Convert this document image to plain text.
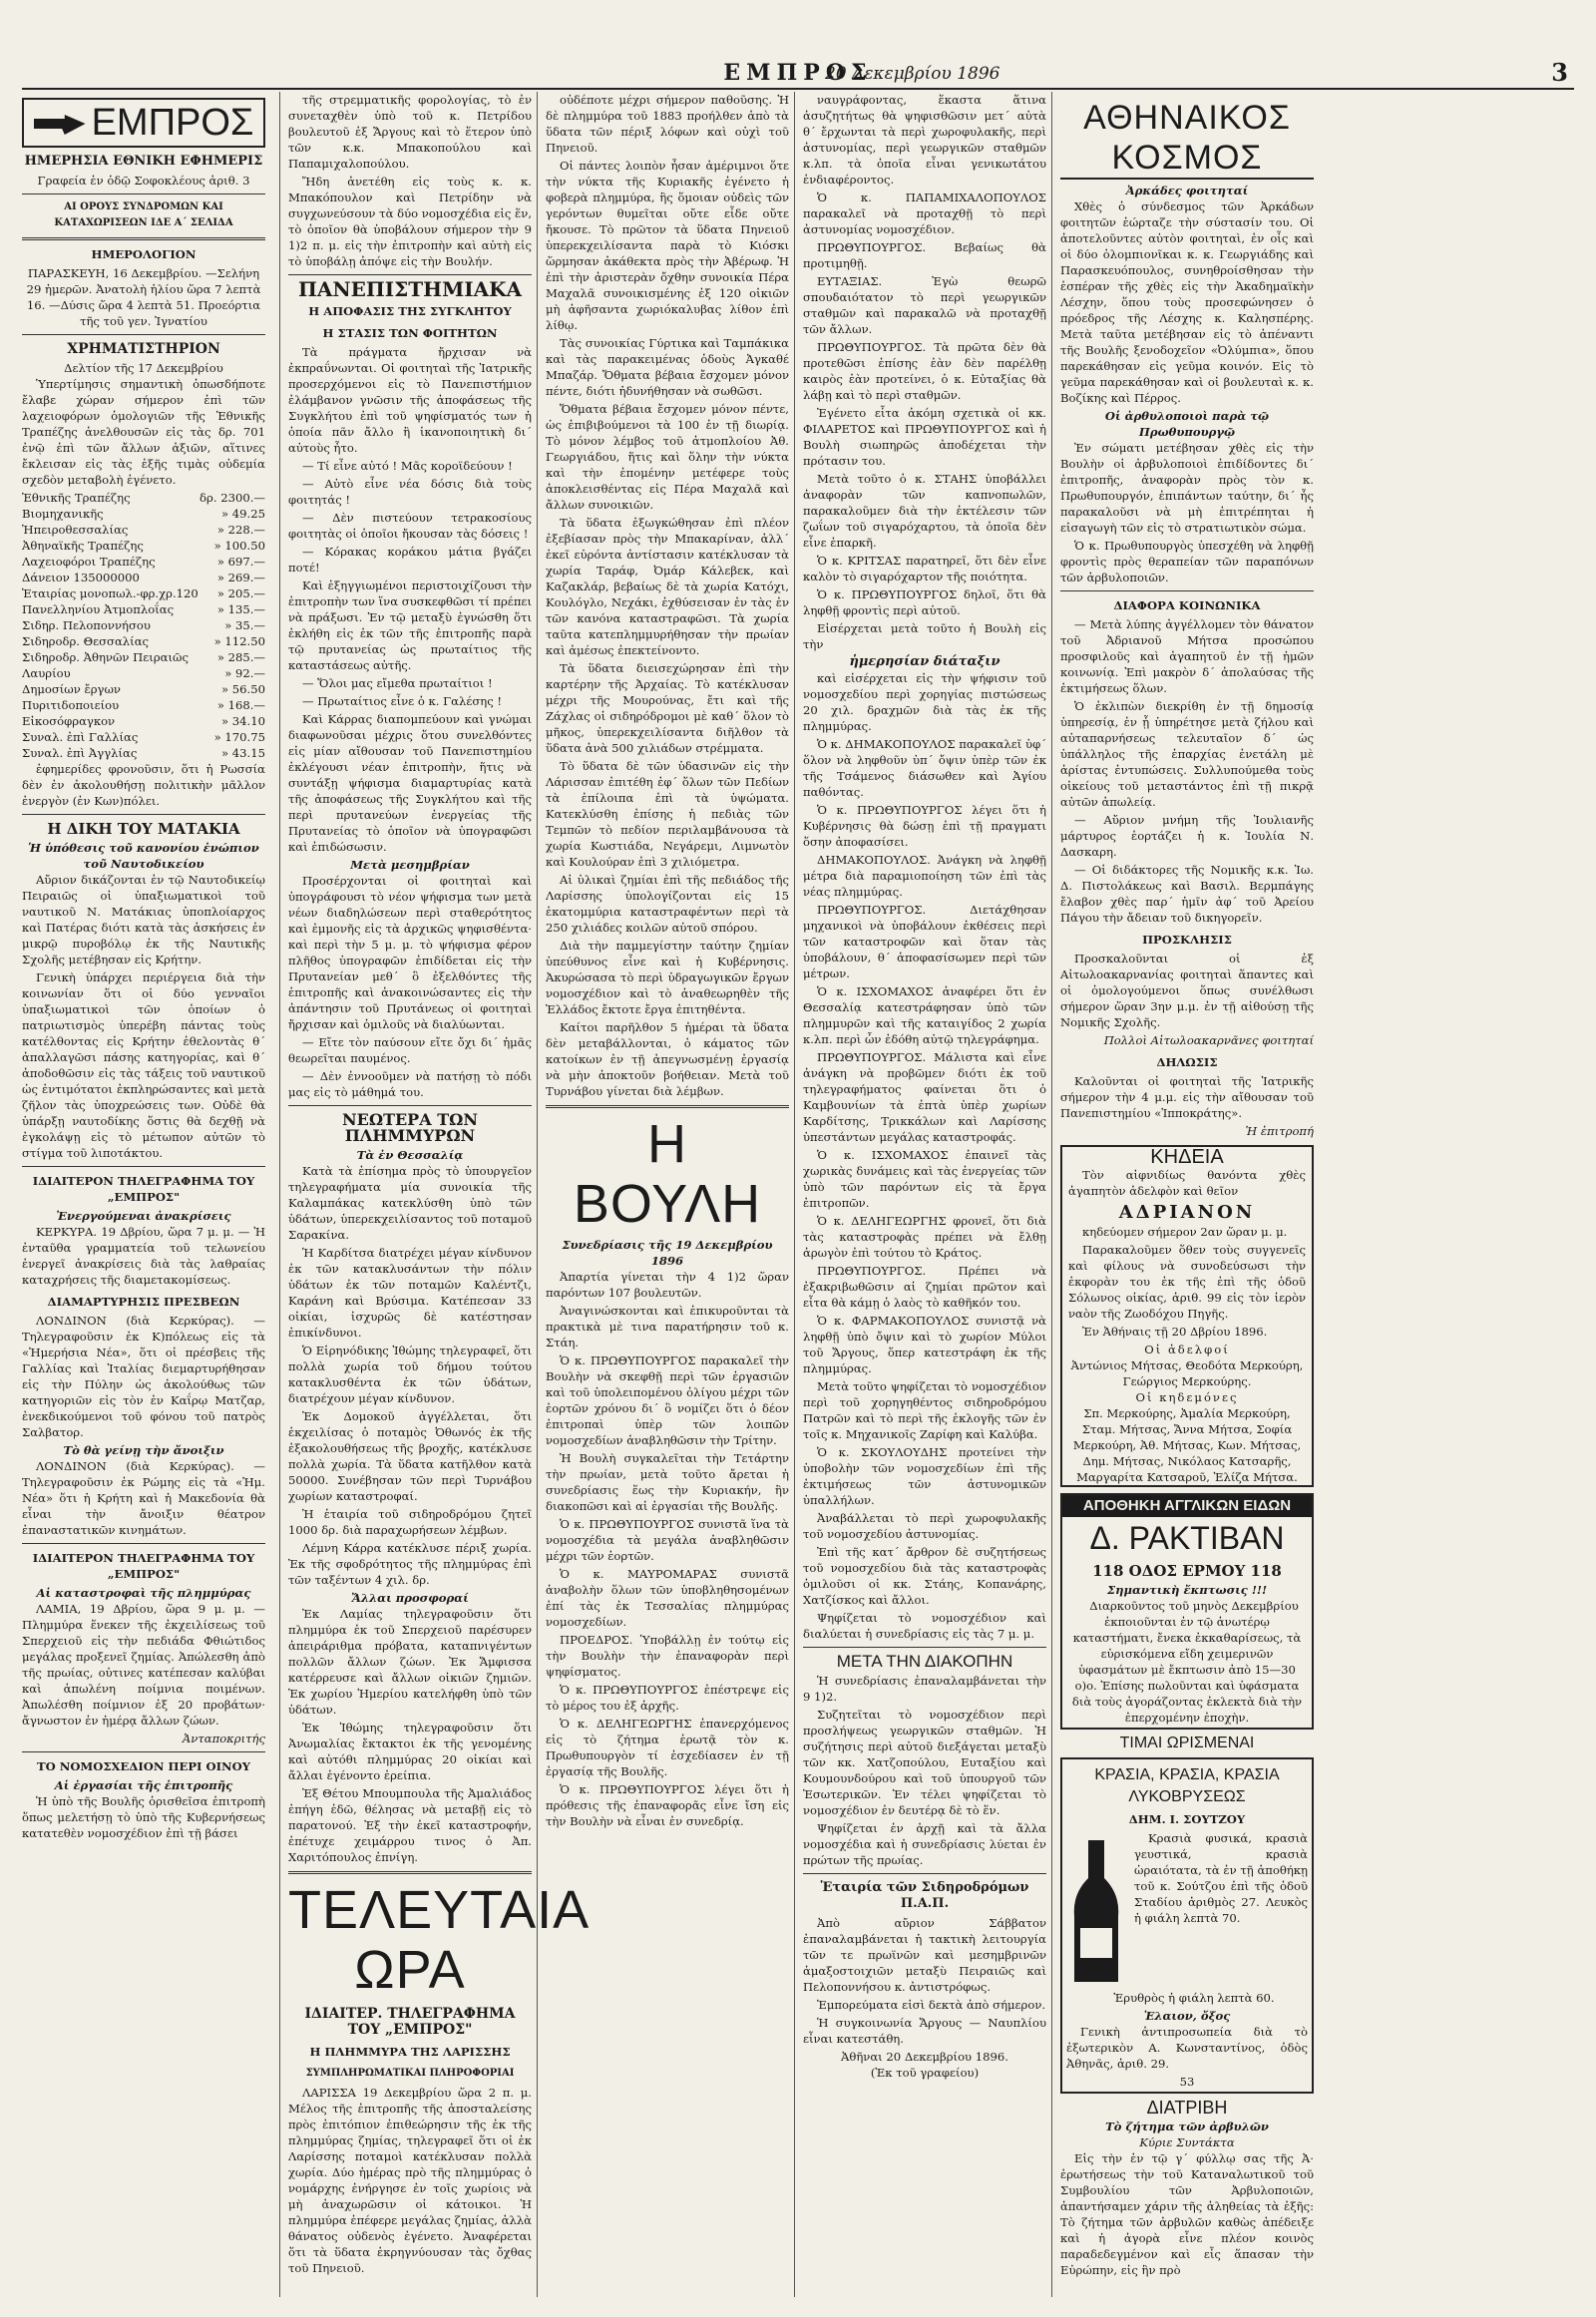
ΕΜΠΡΟΣ
20 Δεκεμβρίου 1896	3
ΕΜΠΡΟΣ
ΗΜΕΡΗΣΙΑ ΕΘΝΙΚΗ ΕΦΗΜΕΡΙΣ
Γραφεία ἐν ὁδῷ Σοφοκλέους ἀριθ. 3
ΑΙ ΟΡΟΥΣ ΣΥΝΔΡΟΜΩΝ ΚΑΙ ΚΑΤΑΧΩΡΙΣΕΩΝ ΙΔΕ Α΄ ΣΕΛΙΔΑ
ΗΜΕΡΟΛΟΓΙΟΝ

ΠΑΡΑΣΚΕΥΗ, 16 Δεκεμβρίου. —Σελήνη 29 ἡμερῶν. Ἀνατολὴ ἡλίου ὥρα 7 λεπτὰ 16. —Δύσις ὥρα 4 λεπτὰ 51. Προεόρτια τῆς τοῦ γεν. Ἰγνατίου

ΧΡΗΜΑΤΙΣΤΗΡΙΟΝ
Δελτίον τῆς 17 Δεκεμβρίου

Ὑπερτίμησις σημαντικὴ ὁπωσδήποτε ἔλαβε χώραν σήμερον ἐπὶ τῶν λαχειοφόρων ὁμολογιῶν τῆς Ἐθνικῆς Τραπέζης ἀνελθουσῶν εἰς τὰς δρ. 701 ἐνῷ ἐπὶ τῶν ἄλλων ἀξιῶν, αἵτινες ἔκλεισαν εἰς τὰς ἑξῆς τιμὰς οὐδεμία σχεδὸν μεταβολὴ ἐγένετο.

Ἐθνικῆς Τραπέζης	δρ. 2300.—
Βιομηχανικῆς	» 49.25
Ἠπειροθεσσαλίας	» 228.—
Ἀθηναϊκῆς Τραπέζης	» 100.50
Λαχειοφόροι Τραπέζης	» 697.—
Δάνειον 135000000	» 269.—
Ἑταιρίας μονοπωλ.-φρ.χρ.120	» 205.—
Πανελληνίου Ἀτμοπλοΐας	» 135.—
Σιδηρ. Πελοποννήσου	» 35.—
Σιδηροδρ. Θεσσαλίας	» 112.50
Σιδηροδρ. Ἀθηνῶν Πειραιῶς	» 285.—
Λαυρίου	» 92.—
Δημοσίων ἔργων	» 56.50
Πυριτιδοποιείου	» 168.—
Εἰκοσόφραγκον	» 34.10
Συναλ. ἐπὶ Γαλλίας	» 170.75
Συναλ. ἐπὶ Ἀγγλίας	» 43.15

ἐφημερίδες φρονοῦσιν, ὅτι ἡ Ρωσσία δὲν ἐν ἀκολουθήσῃ πολιτικὴν μᾶλλον ἐνεργὸν (ἐν Κων)πόλει.

Η ΔΙΚΗ ΤΟΥ ΜΑΤΑΚΙΑ
Ἡ ὑπόθεσις τοῦ κανονίου ἐνώπιον τοῦ Ναυτοδικείου

Αὔριον δικάζονται ἐν τῷ Ναυτοδικείῳ Πειραιῶς οἱ ὑπαξιωματικοὶ τοῦ ναυτικοῦ Ν. Ματάκιας ὑποπλοίαρχος καὶ Πατέρας διότι κατὰ τὰς ἀσκήσεις ἐν μικρῷ πυροβόλῳ ἐκ τῆς Ναυτικῆς Σχολῆς μετέβησαν εἰς Κρήτην.

Γενικὴ ὑπάρχει περιέργεια διὰ τὴν κοινωνίαν ὅτι οἱ δύο γενναῖοι ὑπαξιωματικοὶ τῶν ὁποίων ὁ πατριωτισμὸς ὑπερέβη πάντας τοὺς κατέλθοντας εἰς Κρήτην ἐθελοντὰς θ΄ ἀπαλλαγῶσι πάσης κατηγορίας, καὶ θ΄ ἀποδοθῶσιν εἰς τὰς τάξεις τοῦ ναυτικοῦ ὡς ἐντιμότατοι ἐκπληρώσαντες καὶ μετὰ ζῆλον τὰς ὑποχρεώσεις των. Οὐδὲ θὰ ὑπάρξῃ ναυτοδίκης ὅστις θὰ δεχθῇ νὰ ἐγκολάψῃ εἰς τὸ μέτωπον αὐτῶν τὸ στίγμα τοῦ λιποτάκτου.

ΙΔΙΑΙΤΕΡΟΝ ΤΗΛΕΓΡΑΦΗΜΑ ΤΟΥ „ΕΜΠΡΟΣ"
Ἐνεργούμεναι ἀνακρίσεις

ΚΕΡΚΥΡΑ. 19 Δβρίου, ὥρα 7 μ. μ. — Ἡ ἐνταῦθα γραμματεία τοῦ τελωνείου ἐνεργεῖ ἀνακρίσεις διὰ τὰς λαθραίας καταχρήσεις τῆς διαμετακομίσεως.

ΔΙΑΜΑΡΤΥΡΗΣΙΣ ΠΡΕΣΒΕΩΝ

ΛΟΝΔΙΝΟΝ (διὰ Κερκύρας). — Τηλεγραφοῦσιν ἐκ Κ)πόλεως εἰς τὰ «Ἡμερήσια Νέα», ὅτι οἱ πρέσβεις τῆς Γαλλίας καὶ Ἰταλίας διεμαρτυρήθησαν εἰς τὴν Πύλην ὡς ἀκολούθως τῶν κατηγοριῶν εἰς τὸν ἐν Καΐρῳ Ματζαρ, ἐνεκδικούμενοι τοῦ φόνου τοῦ πατρὸς Σαλβατορ.

Τὸ θὰ γείνῃ τὴν ἄνοιξιν

ΛΟΝΔΙΝΟΝ (διὰ Κερκύρας). — Τηλεγραφοῦσιν ἐκ Ρώμης εἰς τὰ «Ἡμ. Νέα» ὅτι ἡ Κρήτη καὶ ἡ Μακεδονία θὰ εἶναι τὴν ἄνοιξιν θέατρον ἐπαναστατικῶν κινημάτων.

ΙΔΙΑΙΤΕΡΟΝ ΤΗΛΕΓΡΑΦΗΜΑ ΤΟΥ „ΕΜΠΡΟΣ"
Αἱ καταστροφαὶ τῆς πλημμύρας

ΛΑΜΙΑ, 19 Δβρίου, ὥρα 9 μ. μ. — Πλημμύρα ἕνεκεν τῆς ἐκχειλίσεως τοῦ Σπερχειοῦ εἰς τὴν πεδιάδα Φθιώτιδος μεγάλας προξενεῖ ζημίας. Ἀπώλεσθη ἀπὸ τῆς πρωίας, οὐτινες κατέπεσαν καλύβαι καὶ ἀπωλένη ποίμνια ποιμένων. Ἀπωλέσθη ποίμνιον ἐξ 20 προβάτων· ἄγνωστον ἐν ἡμέρᾳ ἄλλων ζώων.

Ἀνταποκριτής
ΤΟ ΝΟΜΟΣΧΕΔΙΟΝ ΠΕΡΙ ΟΙΝΟΥ
Αἱ ἐργασίαι τῆς ἐπιτροπῆς

Ἡ ὑπὸ τῆς Βουλῆς ὁρισθεῖσα ἐπιτροπὴ ὅπως μελετήσῃ τὸ ὑπὸ τῆς Κυβερνήσεως κατατεθὲν νομοσχέδιον ἐπὶ τῇ βάσει

τῆς στρεμματικῆς φορολογίας, τὸ ἐν συνεταχθὲν ὑπὸ τοῦ κ. Πετρίδου βουλευτοῦ ἐξ Ἄργους καὶ τὸ ἕτερον ὑπὸ τῶν κ.κ. Μπακοπούλου καὶ Παπαμιχαλοπούλου.

Ἤδη ἀνετέθη εἰς τοὺς κ. κ. Μπακόπουλον καὶ Πετρίδην νὰ συγχωνεύσουν τὰ δύο νομοσχέδια εἰς ἕν, τὸ ὁποῖον θὰ ὑποβάλουν σήμερον τὴν 9 1)2 π. μ. εἰς τὴν ἐπιτροπὴν καὶ αὐτὴ εἰς τὸ ὑποβάλῃ ἀπόψε εἰς τὴν Βουλήν.

ΠΑΝΕΠΙΣΤΗΜΙΑΚΑ
Η ΑΠΟΦΑΣΙΣ ΤΗΣ ΣΥΓΚΛΗΤΟΥ
Η ΣΤΑΣΙΣ ΤΩΝ ΦΟΙΤΗΤΩΝ

Τὰ πράγματα ἤρχισαν νὰ ἐκπραΰνωνται. Οἱ φοιτηταὶ τῆς Ἰατρικῆς προσερχόμενοι εἰς τὸ Πανεπιστήμιον ἐλάμβανον γνῶσιν τῆς ἀποφάσεως τῆς Συγκλήτου ἐπὶ τοῦ ψηφίσματός των ἡ ὁποία πᾶν ἄλλο ἢ ἱκανοποιητικὴ δι΄ αὐτοὺς ἦτο.

— Τί εἶνε αὐτό ! Μᾶς κοροϊδεύουν !

— Αὐτὸ εἶνε νέα δόσις διὰ τοὺς φοιτητάς !

— Δὲν πιστεύουν τετρακοσίους φοιτητὰς οἱ ὁποῖοι ἤκουσαν τὰς δόσεις !

— Κόρακας κοράκου μάτια βγάζει ποτέ!

Καὶ ἐξηγγιωμένοι περιστοιχίζουσι τὴν ἐπιτροπὴν των ἵνα συσκεφθῶσι τί πρέπει νὰ πράξωσι. Ἐν τῷ μεταξὺ ἐγνώσθη ὅτι ἐκλήθη εἰς ἐκ τῶν τῆς ἐπιτροπῆς παρὰ τῷ πρυτανείας ὡς πρωταίτιος τῆς καταστάσεως αὐτῆς.

— Ὅλοι μας εἴμεθα πρωταίτιοι !

— Πρωταίτιος εἶνε ὁ κ. Γαλέσης !

Καὶ Κάρρας διαπομπεύουν καὶ γνώμαι διαφωνοῦσαι μέχρις ὅτου συνελθόντες εἰς μίαν αἴθουσαν τοῦ Πανεπιστημίου ἐκλέγουσι νέαν ἐπιτροπὴν, ἥτις νὰ συντάξῃ ψήφισμα διαμαρτυρίας κατὰ τῆς ἀποφάσεως τῆς Συγκλήτου καὶ τῆς περὶ πρυτανεύων ἐνεργείας τῆς Πρυτανείας τὸ ὁποῖον νὰ ὑπογραφῶσι καὶ ἐπιδώσωσιν.

Μετὰ μεσημβρίαν

Προσέρχονται οἱ φοιτηταὶ καὶ ὑπογράφουσι τὸ νέον ψήφισμα των μετὰ νέων διαδηλώσεων περὶ σταθερότητος καὶ ἐμμονῆς εἰς τὰ ἀρχικῶς ψηφισθέντα· καὶ περὶ τὴν 5 μ. μ. τὸ ψήφισμα φέρον πλῆθος ὑπογραφῶν ἐπιδίδεται εἰς τὴν Πρυτανείαν μεθ΄ ὃ ἐξελθόντες τῆς ἐπιτροπῆς καὶ ἀνακοινώσαντες εἰς τὴν ἀπάντησιν τοῦ Πρυτάνεως οἱ φοιτηταὶ ἤρχισαν καὶ ὁμιλοῦς νὰ διαλύωνται.

— Εἴτε τὸν παύσουν εἴτε ὄχι δι΄ ἡμᾶς θεωρεῖται παυμένος.

— Δὲν ἐννοοῦμεν νὰ πατήσῃ τὸ πόδι μας εἰς τὸ μάθημά του.

ΝΕΩΤΕΡΑ ΤΩΝ ΠΛΗΜΜΥΡΩΝ
Τὰ ἐν Θεσσαλίᾳ

Κατὰ τὰ ἐπίσημα πρὸς τὸ ὑπουργεῖον τηλεγραφήματα μία συνοικία τῆς Καλαμπάκας κατεκλύσθη ὑπὸ τῶν ὑδάτων, ὑπερεκχειλίσαντος τοῦ ποταμοῦ Σαρακίνα.

Ἡ Καρδίτσα διατρέχει μέγαν κίνδυνον ἐκ τῶν κατακλυσάντων τὴν πόλιν ὑδάτων ἐκ τῶν ποταμῶν Καλέντζι, Καράνη καὶ Βρύσιμα. Κατέπεσαν 33 οἰκίαι, ἰσχυρῶς δὲ κατέστησαν ἐπικίνδυνοι.

Ὁ Εἰρηνόδικης Ἰθώμης τηλεγραφεῖ, ὅτι πολλὰ χωρία τοῦ δήμου τούτου κατακλυσθέντα ἐκ τῶν ὑδάτων, διατρέχουν μέγαν κίνδυνον.

Ἐκ Δομοκοῦ ἀγγέλλεται, ὅτι ἐκχειλίσας ὁ ποταμὸς Ὀθωνός ἐκ τῆς ἐξακολουθήσεως τῆς βροχῆς, κατέκλυσε πολλὰ χωρία. Τὰ ὕδατα κατῆλθον κατὰ 50000. Συνέβησαν τῶν περὶ Τυρνάβου χωρίων καταστροφαί.

Ἡ ἑταιρία τοῦ σιδηροδρόμου ζητεῖ 1000 δρ. διὰ παραχωρήσεων λέμβων.

Λέμνη Κάρρα κατέκλυσε πέριξ χωρία. Ἐκ τῆς σφοδρότητος τῆς πλημμύρας ἐπὶ τῶν ταξέντων 4 χιλ. δρ.

Ἄλλαι προσφοραί

Ἐκ Λαμίας τηλεγραφοῦσιν ὅτι πλημμύρα ἐκ τοῦ Σπερχειοῦ παρέσυρεν ἀπειράριθμα πρόβατα, καταπνιγέντων πολλῶν ἄλλων ζώων. Ἐκ Ἄμφισσα κατέρρευσε καὶ ἄλλων οἰκιῶν ζημιῶν. Ἐκ χωρίου Ἡμερίου κατελήφθη ὑπὸ τῶν ὑδάτων.

Ἐκ Ἰθώμης τηλεγραφοῦσιν ὅτι Ἀνωμαλίας ἔκτακτοι ἐκ τῆς γενομένης καὶ αὐτόθι πλημμύρας 20 οἰκίαι καὶ ἄλλαι ἐγένοντο ἐρείπια.

Ἐξ Θέτου Μπουμπουλα τῆς Ἀμαλιάδος ἐπήγη ἐδῶ, θέλησας νὰ μεταβῇ εἰς τὸ παρατονού. Ἐξ τὴν ἐκεῖ καταστροφήν, ἐπέτυχε χειμάρρου τινος ὁ Ἀπ. Χαριτόπουλος ἐπνίγη.

ΤΕΛΕΥΤΑΙΑ ΩΡΑ
ΙΔΙΑΙΤΕΡ. ΤΗΛΕΓΡΑΦΗΜΑ ΤΟΥ „ΕΜΠΡΟΣ"
Η ΠΛΗΜΜΥΡΑ ΤΗΣ ΛΑΡΙΣΣΗΣ
ΣΥΜΠΛΗΡΩΜΑΤΙΚΑΙ ΠΛΗΡΟΦΟΡΙΑΙ

ΛΑΡΙΣΣΑ 19 Δεκεμβρίου ὥρα 2 π. μ. Μέλος τῆς ἐπιτροπῆς τῆς ἀποσταλείσης πρὸς ἐπιτόπιον ἐπιθεώρησιν τῆς ἐκ τῆς πλημμύρας ζημίας, τηλεγραφεῖ ὅτι οἱ ἐκ Λαρίσσης ποταμοὶ κατέκλυσαν πολλὰ χωρία. Δύο ἡμέρας πρὸ τῆς πλημμύρας ὁ νομάρχης ἐνήργησε ἐν τοῖς χωρίοις νὰ μὴ ἀναχωρῶσιν οἱ κάτοικοι. Ἡ πλημμύρα ἐπέφερε μεγάλας ζημίας, ἀλλὰ θάνατος οὐδενὸς ἐγένετο. Ἀναφέρεται ὅτι τὰ ὕδατα ἐκρηγνύουσαν τὰς ὄχθας τοῦ Πηνειοῦ.

οὐδέποτε μέχρι σήμερον παθοῦσης. Ἡ δὲ πλημμύρα τοῦ 1883 προήλθεν ἀπὸ τὰ ὕδατα τῶν πέριξ λόφων καὶ οὐχὶ τοῦ Πηνειοῦ.

Οἱ πάντες λοιπὸν ἦσαν ἀμέριμνοι ὅτε τὴν νύκτα τῆς Κυριακῆς ἐγένετο ἡ φοβερὰ πλημμύρα, ἣς ὅμοιαν οὐδεὶς τῶν γερόντων θυμεῖται οὔτε εἶδε οὔτε ἤκουσε. Τὸ πρῶτον τὰ ὕδατα Πηνειοῦ ὑπερεκχειλίσαντα παρὰ τὸ Κιόσκι ὥρμησαν ἀκάθεκτα πρὸς τὴν Ἀβέρωφ. Ἡ ἐπὶ τὴν ἀριστερὰν ὄχθην συνοικία Πέρα Μαχαλᾶ συνοικισμένης ἐξ 120 οἰκιῶν μὴ ἀφῆσαντα χωριόκαλυβας λίθον ἐπὶ λίθῳ.

Τὰς συνοικίας Γύρτικα καὶ Ταμπάκικα καὶ τὰς παρακειμένας ὁδοὺς Ἀγκαθέ Μπαζάρ. Ὅθματα βέβαια ἔσχομεν μόνον πέντε, διότι ἠδυνήθησαν νὰ σωθῶσι.

Ὅθματα βέβαια ἔσχομεν μόνον πέντε, ὡς ἐπιβιβούμενοι τὰ 100 ἐν τῇ διωρίᾳ. Τὸ μόνον λέμβος τοῦ ἀτμοπλοίου Ἀθ. Γεωργιάδου, ἥτις καὶ ὅλην τὴν νύκτα καὶ τὴν ἐπομένην μετέφερε τοὺς ἀποκλεισθέντας εἰς Πέρα Μαχαλᾶ καὶ ἄλλων συνοικιῶν.

Τὰ ὕδατα ἐξωγκώθησαν ἐπὶ πλέον ἐξεβίασαν πρὸς τὴν Μπακαρίναν, ἀλλ΄ ἐκεῖ εὐρόντα ἀντίστασιν κατέκλυσαν τὰ χωρία Ταράφ, Ὀμάρ Κάλεβεκ, καὶ Καζακλάρ, βεβαίως δὲ τὰ χωρία Κατόχι, Κουλόγλο, Νεχάκι, ἐχθύσεισαν ἐν τὰς ἐν τῶν κανόνα καταστραφῶσι. Τὰ χωρία ταῦτα κατεπλημμυρήθησαν τὴν πρωίαν καὶ ἀμέσως ἐπεκτείνοντο.

Τὰ ὕδατα διεισεχώρησαν ἐπὶ τὴν καρτέρην τῆς Ἀρχαίας. Τὸ κατέκλυσαν μέχρι τῆς Μουρούνας, ἔτι καὶ τῆς Ζάχλας οἱ σιδηρόδρομοι μὲ καθ΄ ὅλον τὸ μῆκος, ὑπερεκχειλίσαντα διῆλθον τὰ ὕδατα ἀνὰ 500 χιλιάδων στρέμματα.

Τὸ ὕδατα δὲ τῶν ὑδασινῶν εἰς τὴν Λάρισσαν ἐπιτέθη ἐφ΄ ὅλων τῶν Πεδίων τὰ ἐπίλοιπα ἐπὶ τὰ ὑψώματα. Κατεκλύσθη ἐπίσης ἡ πεδιὰς τῶν Τεμπῶν τὸ πεδίον περιλαμβάνουσα τὰ χωρία Κωστιάδα, Νεγάρεμι, Λιμνωτὸν καὶ Κουλούραν ἐπὶ 3 χιλιόμετρα.

Αἱ ὑλικαὶ ζημίαι ἐπὶ τῆς πεδιάδος τῆς Λαρίσσης ὑπολογίζονται εἰς 15 ἑκατομμύρια καταστραφέντων περὶ τὰ 250 χιλιάδες κοιλῶν αὐτοῦ σπόρου.

Διὰ τὴν παμμεγίστην ταύτην ζημίαν ὑπεύθυνος εἶνε καὶ ἡ Κυβέρνησις. Ἀκυρώσασα τὸ περὶ ὑδραγωγικῶν ἔργων νομοσχέδιον καὶ τὸ ἀναθεωρηθὲν τῆς Ἑλλάδος ἔκτοτε ἔργα ἐπιτηθέντα.

Καίτοι παρῆλθον 5 ἡμέραι τὰ ὕδατα δὲν μεταβάλλονται, ὁ κάματος τῶν κατοίκων ἐν τῇ ἀπεγνωσμένῃ ἐργασίᾳ νὰ μὴν ἀποκτοῦν βοήθειαν. Μετὰ τοῦ Τυρνάβου γίνεται διὰ λέμβων.

Η ΒΟΥΛΗ
Συνεδρίασις τῆς 19 Δεκεμβρίου 1896

Ἀπαρτία γίνεται τὴν 4 1)2 ὥραν παρόντων 107 βουλευτῶν.

Ἀναγινώσκονται καὶ ἐπικυροῦνται τὰ πρακτικὰ μὲ τινα παρατήρησιν τοῦ κ. Στάη.

Ὁ κ. ΠΡΩΘΥΠΟΥΡΓΟΣ παρακαλεῖ τὴν Βουλὴν νὰ σκεφθῇ περὶ τῶν ἐργασιῶν καὶ τοῦ ὑπολειπομένου ὀλίγου μέχρι τῶν ἑορτῶν χρόνου δι΄ ὃ νομίζει ὅτι ὁ δέον ἐπιτροπαὶ ὑπὲρ τῶν λοιπῶν νομοσχεδίων ἀναβληθῶσιν τὴν Τρίτην.

Ἡ Βουλὴ συγκαλεῖται τὴν Τετάρτην τὴν πρωίαν, μετὰ τοῦτο ἄρεται ἡ συνεδρίασις ἕως τὴν Κυριακήν, ἣν διακοπῶσι καὶ αἱ ἐργασίαι τῆς Βουλῆς.

Ὁ κ. ΠΡΩΘΥΠΟΥΡΓΟΣ συνιστᾶ ἵνα τὰ νομοσχέδια τὰ μεγάλα ἀναβληθῶσιν μέχρι τῶν ἑορτῶν.

Ὁ κ. ΜΑΥΡΟΜΑΡΑΣ συνιστᾶ ἀναβολὴν ὅλων τῶν ὑποβληθησομένων ἐπί τὰς ἐκ Τεσσαλίας πλημμύρας νομοσχεδίων.

ΠΡΟΕΔΡΟΣ. Ὑποβάλλῃ ἐν τούτῳ εἰς τὴν Βουλὴν τὴν ἐπαναφορὰν περὶ ψηφίσματος.

Ὁ κ. ΠΡΩΘΥΠΟΥΡΓΟΣ ἐπέστρεψε εἰς τὸ μέρος του ἐξ ἀρχῆς.

Ὁ κ. ΔΕΛΗΓΕΩΡΓΗΣ ἐπανερχόμενος εἰς τὸ ζήτημα ἐρωτᾷ τὸν κ. Πρωθυπουργὸν τί ἐσχεδίασεν ἐν τῇ ἐργασίᾳ τῆς Βουλῆς.

Ὁ κ. ΠΡΩΘΥΠΟΥΡΓΟΣ λέγει ὅτι ἡ πρόθεσις τῆς ἐπαναφορᾶς εἶνε ἴση εἰς τὴν Βουλὴν νὰ εἶναι ἐν συνεδρίᾳ.

ναυγράφοντας, ἕκαστα ἅτινα ἀσυζητήτως θὰ ψηφισθῶσιν μετ΄ αὐτὰ θ΄ ἔρχωνται τὰ περὶ χωροφυλακῆς, περὶ ἀστυνομίας, περὶ γεωργικῶν σταθμῶν κ.λπ. τὰ ὁποῖα εἶναι γενικωτάτου ἐνδιαφέροντος.

Ὁ κ. ΠΑΠΑΜΙΧΑΛΟΠΟΥΛΟΣ παρακαλεῖ νὰ προταχθῇ τὸ περὶ ἀστυνομίας νομοσχέδιον.

ΠΡΩΘΥΠΟΥΡΓΟΣ. Βεβαίως θὰ προτιμηθῇ.

ΕΥΤΑΞΙΑΣ. Ἐγὼ θεωρῶ σπουδαιότατον τὸ περὶ γεωργικῶν σταθμῶν καὶ παρακαλῶ νὰ προταχθῇ τῶν ἄλλων.

ΠΡΩΘΥΠΟΥΡΓΟΣ. Τὰ πρῶτα δὲν θὰ προτεθῶσι ἐπίσης ἐὰν δὲν παρέλθῃ καιρὸς ἐὰν προτείνει, ὁ κ. Εὐταξίας θὰ λάβῃ καὶ τὸ περὶ σταθμῶν.

Ἐγένετο εἶτα ἀκόμη σχετικὰ οἱ κκ. ΦΙΛΑΡΕΤΟΣ καὶ ΠΡΩΘΥΠΟΥΡΓΟΣ καὶ ἡ Βουλὴ σιωπηρῶς ἀποδέχεται τὴν πρότασιν του.

Μετὰ τοῦτο ὁ κ. ΣΤΑΗΣ ὑποβάλλει ἀναφορὰν τῶν καπνοπωλῶν, παρακαλοῦμεν διὰ τὴν ἐκτέλεσιν τῶν ζωΐων τοῦ σιγαρόχαρτου, τὰ ὁποῖα δὲν εἶνε ἐπαρκῆ.

Ὁ κ. ΚΡΙΤΣΑΣ παρατηρεῖ, ὅτι δὲν εἶνε καλὸν τὸ σιγαρόχαρτον τῆς ποιότητα.

Ὁ κ. ΠΡΩΘΥΠΟΥΡΓΟΣ δηλοῖ, ὅτι θὰ ληφθῇ φροντὶς περὶ αὐτοῦ.

Εἰσέρχεται μετὰ τοῦτο ἡ Βουλὴ εἰς τὴν

ἡμερησίαν διάταξιν

καὶ εἰσέρχεται εἰς τὴν ψήφισιν τοῦ νομοσχεδίου περὶ χορηγίας πιστώσεως 20 χιλ. δραχμῶν διὰ τὰς ἐκ τῆς πλημμύρας.

Ὁ κ. ΔΗΜΑΚΟΠΟΥΛΟΣ παρακαλεῖ ὑφ΄ ὅλον νὰ ληφθοῦν ὑπ΄ ὄψιν ὑπὲρ τῶν ἐκ τῆς Τσάμενος διάσωθεν καὶ Ἀγίου παθόντας.

Ὁ κ. ΠΡΩΘΥΠΟΥΡΓΟΣ λέγει ὅτι ἡ Κυβέρνησις θὰ δώσῃ ἐπὶ τῇ πραγματι ὅσην ἀποφασίσει.

ΔΗΜΑΚΟΠΟΥΛΟΣ. Ἀνάγκη νὰ ληφθῇ μέτρα διὰ παραμιοποίηση τῶν ἐπὶ τὰς νέας πλημμύρας.

ΠΡΩΘΥΠΟΥΡΓΟΣ. Διετάχθησαν μηχανικοὶ νὰ ὑποβάλουν ἐκθέσεις περὶ τῶν καταστροφῶν καὶ ὅταν τὰς ὑποβάλουν, θ΄ ἀποφασίσωμεν περὶ τῶν μέτρων.

Ὁ κ. ΙΣΧΟΜΑΧΟΣ ἀναφέρει ὅτι ἐν Θεσσαλίᾳ κατεστράφησαν ὑπὸ τῶν πλημμυρῶν καὶ τῆς καταιγίδος 2 χωρία κ.λπ. περὶ ὧν ἐδόθη αὐτῷ τηλεγράφημα.

ΠΡΩΘΥΠΟΥΡΓΟΣ. Μάλιστα καὶ εἶνε ἀνάγκη νὰ προβῶμεν διότι ἐκ τοῦ τηλεγραφήματος φαίνεται ὅτι ὁ Καμβουνίων τὰ ἐπτὰ ὑπὲρ χωρίων Καρδίτσης, Τρικκάλων καὶ Λαρίσσης ὑπεστάντων μεγάλας καταστροφάς.

Ὁ κ. ΙΣΧΟΜΑΧΟΣ ἐπαινεῖ τὰς χωρικὰς δυνάμεις καὶ τὰς ἐνεργείας τῶν ὑπὸ τῶν παρόντων εἰς τὰ ἔργα ἐπιτροπῶν.

Ὁ κ. ΔΕΛΗΓΕΩΡΓΗΣ φρονεῖ, ὅτι διὰ τὰς καταστροφὰς πρέπει νὰ ἔλθῃ ἀρωγὸν ἐπὶ τούτου τὸ Κράτος.

ΠΡΩΘΥΠΟΥΡΓΟΣ. Πρέπει νὰ ἐξακριβωθῶσιν αἱ ζημίαι πρῶτον καὶ εἶτα θὰ κάμῃ ὁ λαὸς τὸ καθῆκόν του.

Ὁ κ. ΦΑΡΜΑΚΟΠΟΥΛΟΣ συνιστᾷ νὰ ληφθῇ ὑπὸ ὄψιν καὶ τὸ χωρίον Μύλοι τοῦ Ἄργους, ὅπερ κατεστράφη ἐκ τῆς πλημμύρας.

Μετὰ τοῦτο ψηφίζεται τὸ νομοσχέδιον περὶ τοῦ χορηγηθέντος σιδηροδρόμου Πατρῶν καὶ τὸ περὶ τῆς ἐκλογῆς τῶν ἐν τοῖς κ. Μηχανικοῖς Ζαρίφη καὶ Καλύβα.

Ὁ κ. ΣΚΟΥΛΟΥΔΗΣ προτείνει τὴν ὑποβολὴν τῶν νομοσχεδίων ἐπὶ τῆς ἐκτιμήσεως τῶν ἀστυνομικῶν ὑπαλλήλων.

Ἀναβάλλεται τὸ περὶ χωροφυλακῆς τοῦ νομοσχεδίου ἀστυνομίας.

Ἐπὶ τῆς κατ΄ ἄρθρον δὲ συζητήσεως τοῦ νομοσχεδίου διὰ τὰς καταστροφὰς ὁμιλοῦσι οἱ κκ. Στάης, Κοπανάρης, Χατζίσκος καὶ ἄλλοι.

Ψηφίζεται τὸ νομοσχέδιον καὶ διαλύεται ἡ συνεδρίασις εἰς τὰς 7 μ. μ.

ΜΕΤΑ ΤΗΝ ΔΙΑΚΟΠΗΝ

Ἡ συνεδρίασις ἐπαναλαμβάνεται τὴν 9 1)2.

Συζητεῖται τὸ νομοσχέδιον περὶ προσλήψεως γεωργικῶν σταθμῶν. Ἡ συζήτησις περὶ αὐτοῦ διεξάγεται μεταξὺ τῶν κκ. Χατζοπούλου, Ευταξίου καὶ Κουμουνδούρου καὶ τοῦ ὑπουργοῦ τῶν Ἐσωτερικῶν. Ἐν τέλει ψηφίζεται τὸ νομοσχέδιον ἐν δευτέρᾳ δὲ τὸ ἕν.

Ψηφίζεται ἐν ἀρχῇ καὶ τὰ ἄλλα νομοσχέδια καὶ ἡ συνεδρίασις λύεται ἐν πρώτων τῆς πρωίας.

Ἑταιρία τῶν Σιδηροδρόμων Π.Α.Π.

Ἀπὸ αὔριον Σάββατον ἐπαναλαμβάνεται ἡ τακτικὴ λειτουργία τῶν τε πρωϊνῶν καὶ μεσημβρινῶν ἁμαξοστοιχιῶν μεταξὺ Πειραιῶς καὶ Πελοποννήσου κ. ἀντιστρόφως.

Ἐμπορεύματα εἰσὶ δεκτὰ ἀπὸ σήμερον.

Ἡ συγκοινωνία Ἄργους — Ναυπλίου εἶναι κατεστάθη.

Ἀθῆναι 20 Δεκεμβρίου 1896.
(Ἐκ τοῦ γραφείου)
ΑΘΗΝΑΙΚΟΣ ΚΟΣΜΟΣ
Ἀρκάδες φοιτηταί

Χθὲς ὁ σύνδεσμος τῶν Ἀρκάδων φοιτητῶν ἑώρταζε τὴν σύστασίν του. Οἱ ἀποτελοῦντες αὐτὸν φοιτηταὶ, ἐν οἷς καὶ οἱ δύο ὁλομπιονῖκαι κ. κ. Γεωργιάδης καὶ Παρασκευόπουλος, συνηθροίσθησαν τὴν ἑσπέραν τῆς χθὲς εἰς τὴν Ἀκαδημαϊκὴν Λέσχην, ὅπου τοὺς προσεφώνησεν ὁ πρόεδρος τῆς Λέσχης κ. Καλησπέρης. Μετὰ ταῦτα μετέβησαν εἰς τὸ ἀπέναντι τῆς Βουλῆς ξενοδοχεῖον «Ὀλύμπια», ὅπου παρεκάθησαν εἰς γεῦμα κοινόν. Εἰς τὸ γεῦμα παρεκάθησαν καὶ οἱ βουλευταὶ κ. κ. Βοζίκης καὶ Πέρρος.

Οἱ ἀρθυλοποιοὶ παρὰ τῷ Πρωθυπουργῷ

Ἐν σώματι μετέβησαν χθὲς εἰς τὴν Βουλὴν οἱ ἀρβυλοποιοὶ ἐπιδίδοντες δι΄ ἐπιτροπῆς, ἀναφορὰν πρὸς τὸν κ. Πρωθυπουργόν, ἐπιπάντων ταύτην, δι΄ ἧς παρακαλοῦσι νὰ μὴ ἐπιτρέπηται ἡ εἰσαγωγὴ τῶν εἰς τὸ στρατιωτικὸν σώμα.

Ὁ κ. Πρωθυπουργὸς ὑπεσχέθη νὰ ληφθῇ φροντὶς πρὸς θεραπείαν τῶν παραπόνων τῶν ἀρβυλοποιῶν.

ΔΙΑΦΟΡΑ ΚΟΙΝΩΝΙΚΑ

— Μετὰ λύπης ἀγγέλλομεν τὸν θάνατον τοῦ Ἀδριανοῦ Μήτσα προσώπου προσφιλοῦς καὶ ἀγαπητοῦ ἐν τῇ ἡμῶν κοινωνίᾳ. Ἐπὶ μακρὸν δ΄ ἀπολαύσας τῆς ἐκτιμήσεως ὅλων.

Ὁ ἐκλιπὼν διεκρίθη ἐν τῇ δημοσίᾳ ὑπηρεσίᾳ, ἐν ᾗ ὑπηρέτησε μετὰ ζήλου καὶ αὐταπαρνήσεως τελευταῖον δ΄ ὡς ὑπάλληλος τῆς ἐπαρχίας ἐνετάλη μὲ ἀρίστας ἐντυπώσεις. Συλλυπούμεθα τοὺς οἰκείους τοῦ μεταστάντος ἐπὶ τῇ πικρᾷ αὐτῶν ἀπωλείᾳ.

— Αὔριον μνήμη τῆς Ἰουλιανῆς μάρτυρος ἑορτάζει ἡ κ. Ἰουλία Ν. Δασκαρη.

— Οἱ διδάκτορες τῆς Νομικῆς κ.κ. Ἰω. Δ. Πιστολάκεως καὶ Βασιλ. Βερμπάγης ἔλαβον χθὲς παρ΄ ἡμῖν ἀφ΄ τοῦ Ἀρείου Πάγου τὴν ἄδειαν τοῦ δικηγορεῖν.

ΠΡΟΣΚΛΗΣΙΣ

Προσκαλοῦνται οἱ ἐξ Αἰτωλοακαρνανίας φοιτηταὶ ἅπαντες καὶ οἱ ὁμολογούμενοι ὅπως συνέλθωσι σήμερον ὥραν 3ην μ.μ. ἐν τῇ αἰθούσῃ τῆς Νομικῆς Σχολῆς.

Πολλοὶ Αἰτωλοακαρνᾶνες φοιτηταί
ΔΗΛΩΣΙΣ

Καλοῦνται οἱ φοιτηταὶ τῆς Ἰατρικῆς σήμερον τὴν 4 μ.μ. εἰς τὴν αἴθουσαν τοῦ Πανεπιστημίου «Ἱπποκράτης».

Ἡ ἐπιτροπή
ΚΗΔΕΙΑ

Τὸν αἰφνιδίως θανόντα χθὲς ἀγαπητὸν ἀδελφὸν καὶ θεῖον

ΑΔΡΙΑΝΟΝ

κηδεύομεν σήμερον 2αν ὥραν μ. μ.

Παρακαλοῦμεν ὅθεν τοὺς συγγενεῖς καὶ φίλους νὰ συνοδεύσωσι τὴν ἐκφορὰν του ἐκ τῆς ἐπὶ τῆς ὁδοῦ Σόλωνος οἰκίας, ἀριθ. 99 εἰς τὸν ἱερὸν ναὸν τῆς Ζωοδόχου Πηγῆς.

Ἐν Ἀθήναις τῇ 20 Δβρίου 1896.

Οἱ ἀδελφοί
Ἀντώνιος Μήτσας, Θεοδότα Μερκούρη, Γεώργιος Μερκούρης.
Οἱ κηδεμόνες
Σπ. Μερκούρης, Ἀμαλία Μερκούρη, Σταμ. Μήτσας, Ἄννα Μήτσα, Σοφία Μερκούρη, Ἀθ. Μήτσας, Κων. Μήτσας, Δημ. Μήτσας, Νικόλαος Κατσαρῆς, Μαργαρίτα Κατσαροῦ, Ἐλίζα Μήτσα.
ΑΠΟΘΗΚΗ ΑΓΓΛΙΚΩΝ ΕΙΔΩΝ
Δ. ΡΑΚΤΙΒΑΝ
118 ΟΔΟΣ ΕΡΜΟΥ 118
Σημαντικὴ ἔκπτωσις !!!

Διαρκοῦντος τοῦ μηνὸς Δεκεμβρίου ἐκποιοῦνται ἐν τῷ ἀνωτέρῳ καταστήματι, ἔνεκα ἐκκαθαρίσεως, τὰ εὑρισκόμενα εἴδη χειμερινῶν ὑφασμάτων μὲ ἔκπτωσιν ἀπὸ 15—30 ο)ο. Ἐπίσης πωλοῦνται καὶ ὑφάσματα διὰ τοὺς ἀγοράζοντας ἐκλεκτὰ διὰ τὴν ἐπερχομένην ἐποχὴν.

ΤΙΜΑΙ ΩΡΙΣΜΕΝΑΙ
ΚΡΑΣΙΑ, ΚΡΑΣΙΑ, ΚΡΑΣΙΑ
ΛΥΚΟΒΡΥΣΕΩΣ
ΔΗΜ. Ι. ΣΟΥΤΖΟΥ

Κρασιὰ φυσικά, κρασιὰ γευστικά, κρασιὰ ὡραιότατα, τὰ ἐν τῇ ἀποθήκῃ τοῦ κ. Σούτζου ἐπὶ τῆς ὁδοῦ Σταδίου ἀριθμὸς 27. Λευκὸς ἡ φιάλη λεπτὰ 70.

Ἐρυθρὸς ἡ φιάλη λεπτὰ 60.

Ἐλαιον, ὄξος

Γενικὴ ἀντιπροσωπεία διὰ τὸ ἐξωτερικὸν Α. Κωνσταντίνος, ὁδὸς Ἀθηνᾶς, ἀριθ. 29.

53
ΔΙΑΤΡΙΒΗ
Τὸ ζήτημα τῶν ἀρβυλῶν
Κύριε Συντάκτα

Εἰς τὴν ἐν τῷ γ΄ φύλλῳ σας τῆς Ἀ· ἐρωτήσεως τὴν τοῦ Καταναλωτικοῦ τοῦ Συμβουλίου τῶν Ἀρβυλοποιῶν, ἀπαντήσαμεν χάριν τῆς ἀληθείας τὰ ἑξῆς: Τὸ ζήτημα τῶν ἀρβυλῶν καθὼς ἀπέδειξε καὶ ἡ ἀγορὰ εἶνε πλέον κοινὸς παραδεδεγμένον καὶ εἶς ἅπασαν τὴν Εὐρώπην, εἰς ἣν πρὸ
